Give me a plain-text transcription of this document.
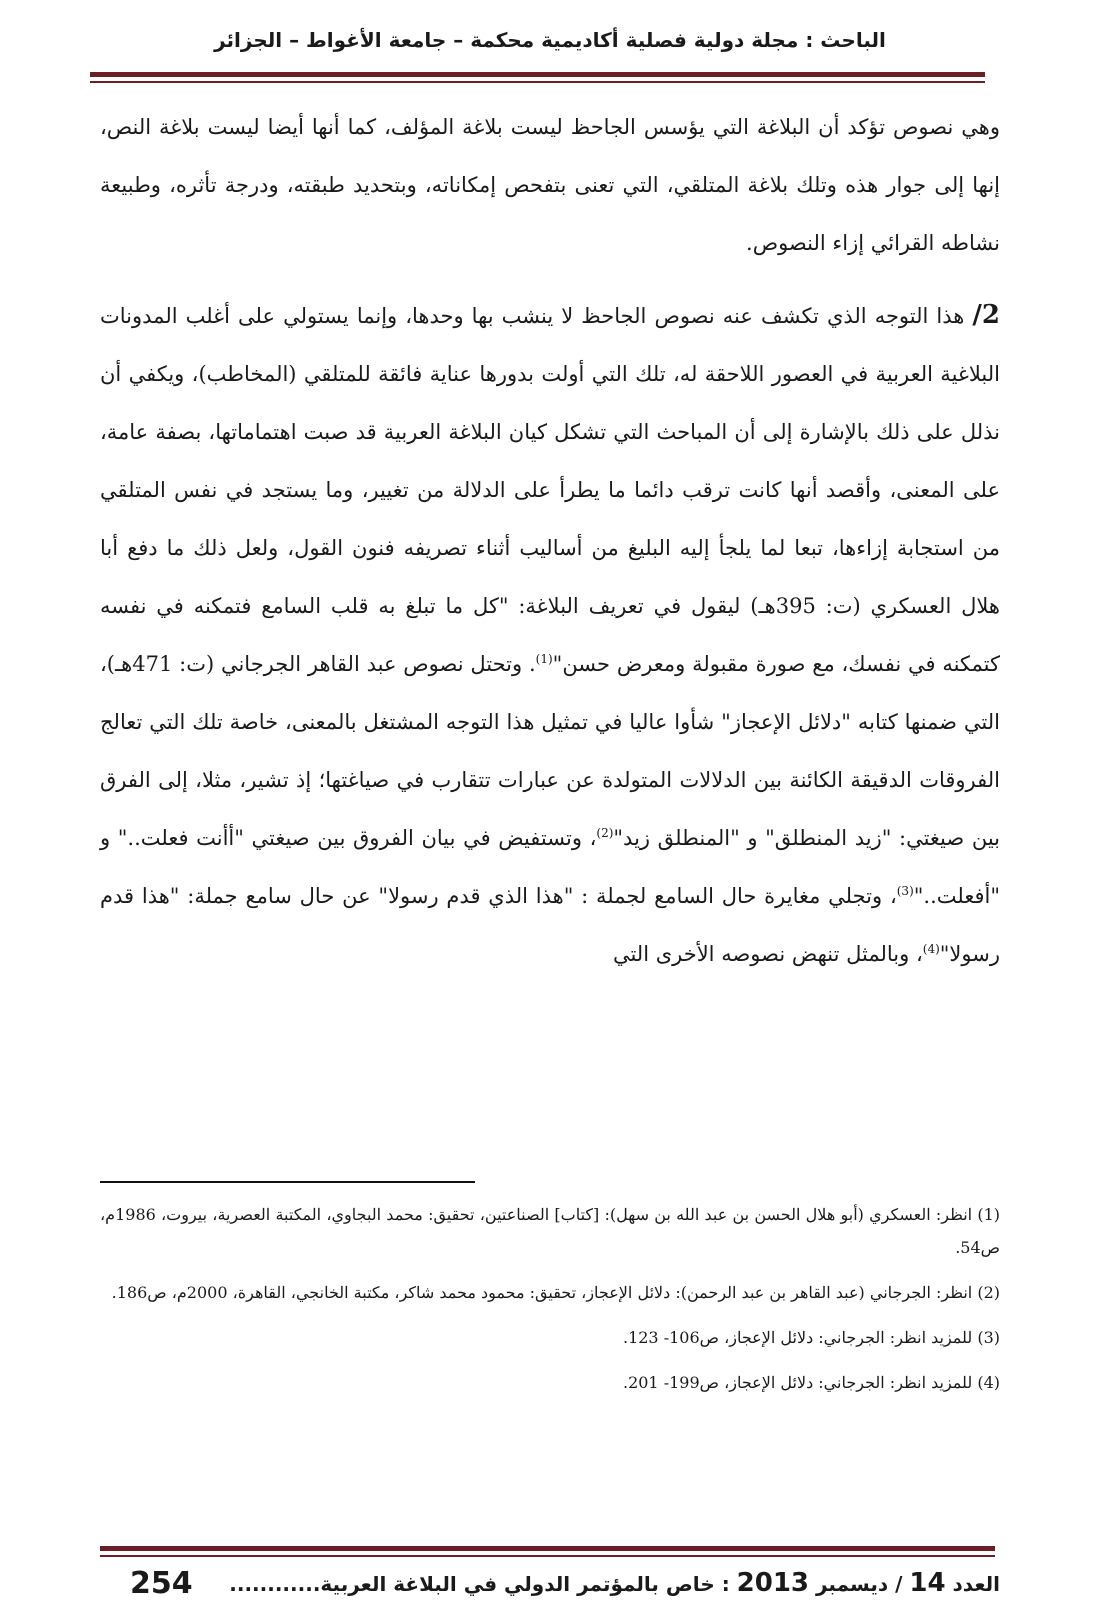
الباحث : مجلة دولية فصلية أكاديمية محكمة – جامعة الأغواط – الجزائر

وهي نصوص تؤكد أن البلاغة التي يؤسس الجاحظ ليست بلاغة المؤلف، كما أنها أيضا ليست بلاغة النص، إنها إلى جوار هذه وتلك بلاغة المتلقي، التي تعنى بتفحص إمكاناته، وبتحديد طبقته، ودرجة تأثره، وطبيعة نشاطه القرائي إزاء النصوص.

2/ هذا التوجه الذي تكشف عنه نصوص الجاحظ لا ينشب بها وحدها، وإنما يستولي على أغلب المدونات البلاغية العربية في العصور اللاحقة له، تلك التي أولت بدورها عناية فائقة للمتلقي (المخاطب)، ويكفي أن نذلل على ذلك بالإشارة إلى أن المباحث التي تشكل كيان البلاغة العربية قد صبت اهتماماتها، بصفة عامة، على المعنى، وأقصد أنها كانت ترقب دائما ما يطرأ على الدلالة من تغيير، وما يستجد في نفس المتلقي من استجابة إزاءها، تبعا لما يلجأ إليه البليغ من أساليب أثناء تصريفه فنون القول، ولعل ذلك ما دفع أبا هلال العسكري (ت: 395هـ) ليقول في تعريف البلاغة: "كل ما تبلغ به قلب السامع فتمكنه في نفسه كتمكنه في نفسك، مع صورة مقبولة ومعرض حسن"$^{(1)}$. وتحتل نصوص عبد القاهر الجرجاني (ت: 471هـ)، التي ضمنها كتابه "دلائل الإعجاز" شأوا عاليا في تمثيل هذا التوجه المشتغل بالمعنى، خاصة تلك التي تعالج الفروقات الدقيقة الكائنة بين الدلالات المتولدة عن عبارات تتقارب في صياغتها؛ إذ تشير، مثلا، إلى الفرق بين صيغتي: "زيد المنطلق" و "المنطلق زيد"$^{(2)}$، وتستفيض في بيان الفروق بين صيغتي "أأنت فعلت.." و "أفعلت.."$^{(3)}$، وتجلي مغايرة حال السامع لجملة : "هذا الذي قدم رسولا" عن حال سامع جملة: "هذا قدم رسولا"$^{(4)}$، وبالمثل تنهض نصوصه الأخرى التي

(1) انظر: العسكري (أبو هلال الحسن بن عبد الله بن سهل): [كتاب] الصناعتين، تحقيق: محمد البجاوي، المكتبة العصرية، بيروت، 1986م، ص54.

(2) انظر: الجرجاني (عبد القاهر بن عبد الرحمن): دلائل الإعجاز، تحقيق: محمود محمد شاكر، مكتبة الخانجي، القاهرة، 2000م، ص186.

(3) للمزيد انظر: الجرجاني: دلائل الإعجاز، ص106- 123.

(4) للمزيد انظر: الجرجاني: دلائل الإعجاز، ص199- 201.

العدد 14 / ديسمبر 2013 : خاص بالمؤتمر الدولي في البلاغة العربية............
254
